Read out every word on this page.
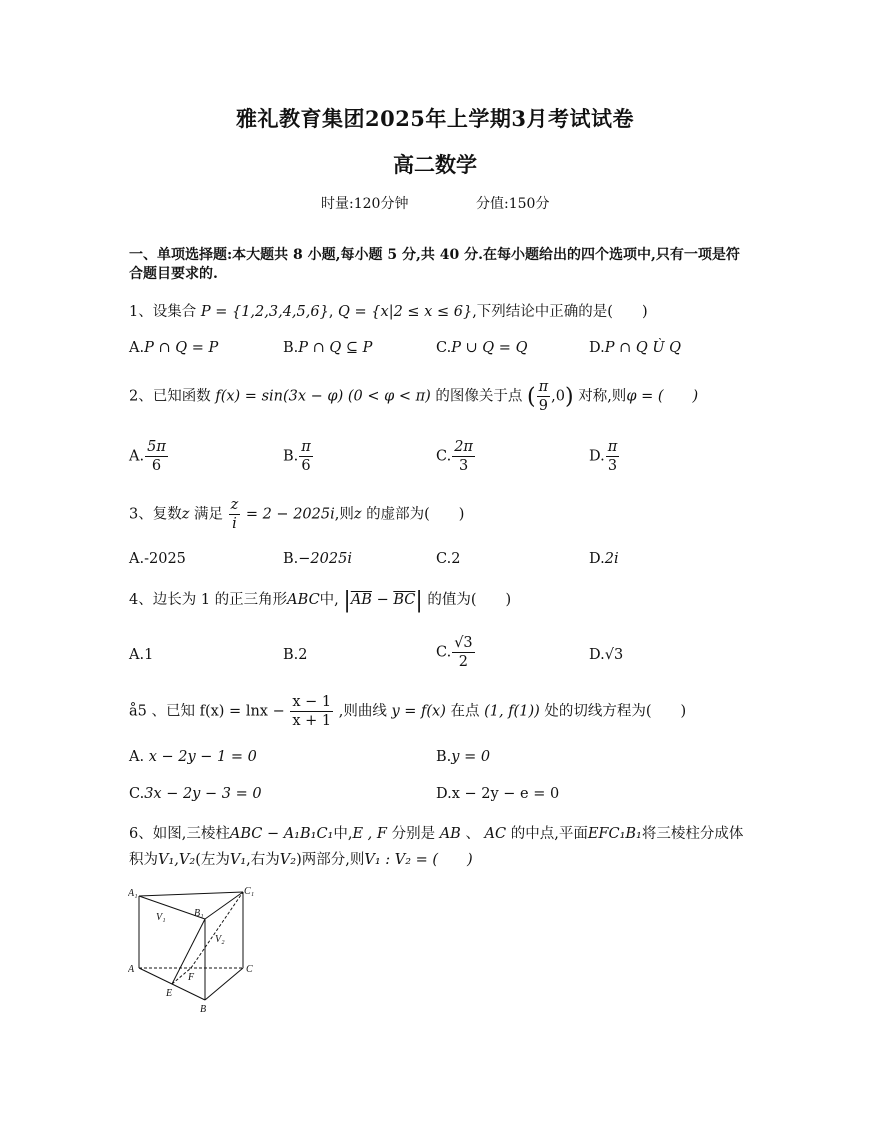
雅礼教育集团2025年上学期3月考试试卷
高二数学
时量:120分钟	分值:150分
一、单项选择题:本大题共 8 小题,每小题 5 分,共 40 分.在每小题给出的四个选项中,只有一项是符合题目要求的.
1、设集合 P = {1,2,3,4,5,6}, Q = {x|2 ≤ x ≤ 6},下列结论中正确的是(　　)
A.P ∩ Q = P	B.P ∩ Q ⊆ P	C.P ∪ Q = Q	D.P ∩ Q Ù Q
2、已知函数 f(x) = sin(3x − φ) (0 < φ < π) 的图像关于点 ( $\frac{\pi}{9} ,0$) 对称,则φ = (　　)
A. $\frac{5\pi}{6}$	B. $\frac{\pi}{6}$	C. $\frac{2\pi}{3}$	D. $\frac{\pi}{3}$
3、复数z 满足 $\frac{z}{i} = 2 - 2025i$,则z 的虚部为(　　)
A.-2025	B.−2025i	C.2	D.2i
4、边长为 1 的正三角形ABC中, $|\overline{AB} - \overline{BC}|$ 的值为(　　)
A.1	B.2	C. $\frac{√3}{2}$	D.√3
å5 、已知 $f(x) = \ln x - \frac{x - 1}{x + 1}$ ,则曲线 y = f(x) 在点 (1, f(1)) 处的切线方程为(　　)
A. x − 2y − 1 = 0	B.y = 0
C.3x − 2y − 3 = 0	D.x − 2y − e = 0
6、如图,三棱柱ABC − A₁B₁C₁中,E , F 分别是 AB 、 AC 的中点,平面EFC₁B₁将三棱柱分成体
积为V₁,V₂(左为V₁,右为V₂)两部分,则V₁ : V₂ = (　　)
A₁	C₁
B₁
V₁
V₂
A	C
F
E
B
